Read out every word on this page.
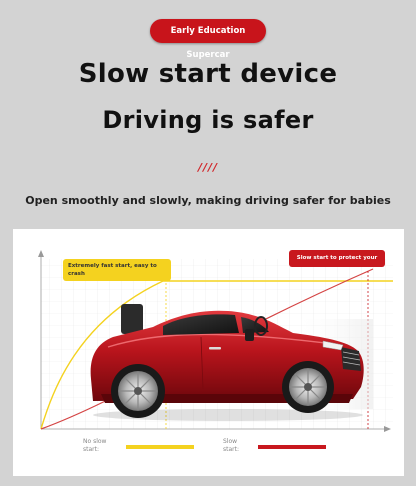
Early Education Supercar
Slow start device
Driving is safer
////
Open smoothly and slowly, making driving safer for babies
Extremely fast start, easy to crash
Slow start to protect your baby
No slow start:
Slow start:
